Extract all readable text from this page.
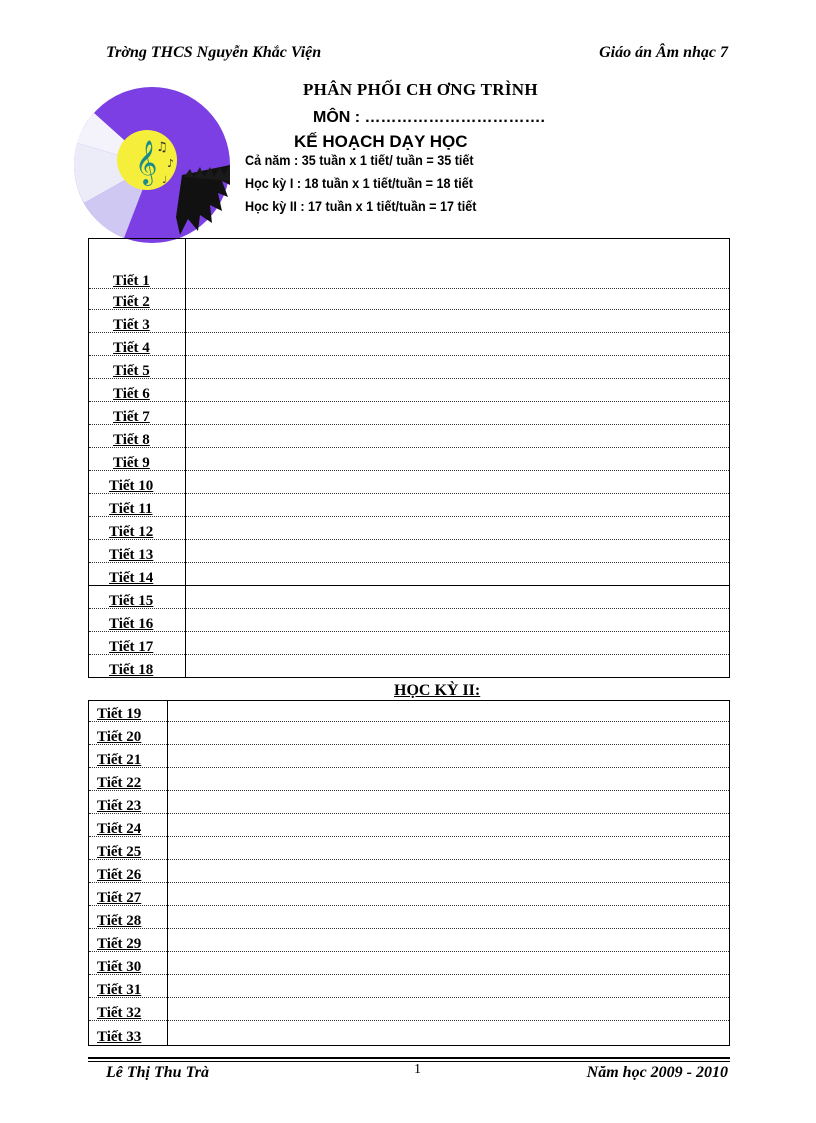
Trờng THCS Nguyễn Khắc Viện	Giáo án Âm nhạc 7
𝄞
♫
♪
♩
PHÂN PHỐI CH ƠNG TRÌNH
MÔN : …………………………….
KẾ HOẠCH DẠY HỌC
Cả năm : 35 tuần x 1 tiết/ tuần = 35 tiết
Học kỳ I : 18 tuần x 1 tiết/tuần = 18 tiết
Học kỳ II : 17 tuần x 1 tiết/tuần = 17 tiết
Tiết 1
Tiết 2
Tiết 3
Tiết 4
Tiết 5
Tiết 6
Tiết 7
Tiết 8
Tiết 9
Tiết 10
Tiết 11
Tiết 12
Tiết 13
Tiết 14
Tiết 15
Tiết 16
Tiết 17
Tiết 18
HỌC KỲ II:
Tiết 19
Tiết 20
Tiết 21
Tiết 22
Tiết 23
Tiết 24
Tiết 25
Tiết 26
Tiết 27
Tiết 28
Tiết 29
Tiết 30
Tiết 31
Tiết 32
Tiết 33
Lê Thị Thu Trà	1	Năm học 2009 - 2010
